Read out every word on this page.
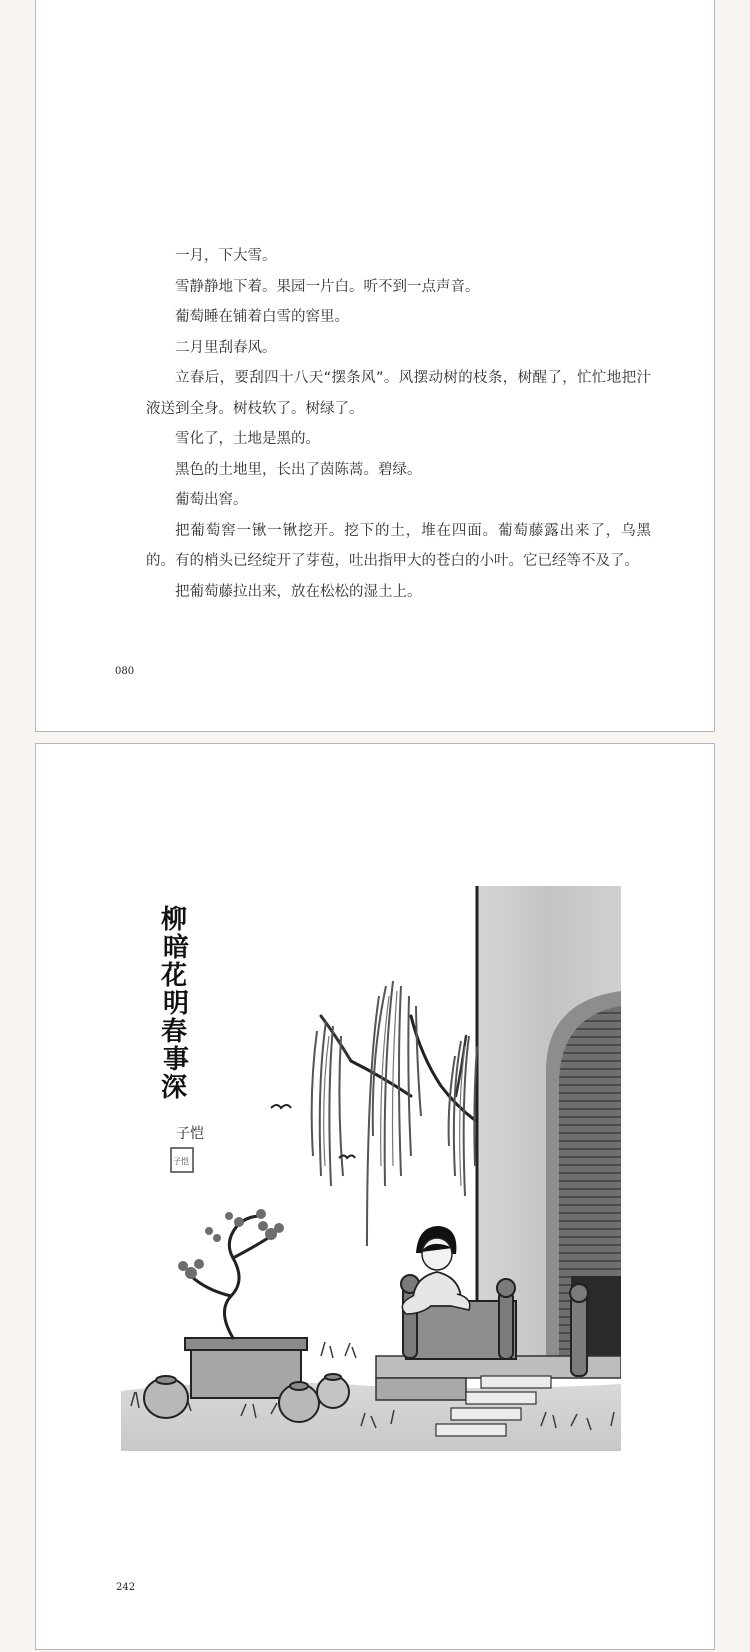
一月，下大雪。

雪静静地下着。果园一片白。听不到一点声音。

葡萄睡在铺着白雪的窖里。

二月里刮春风。

立春后，要刮四十八天“摆条风”。风摆动树的枝条，树醒了，忙忙地把汁液送到全身。树枝软了。树绿了。

雪化了，土地是黑的。

黑色的土地里，长出了茵陈蒿。碧绿。

葡萄出窖。

把葡萄窖一锹一锹挖开。挖下的土，堆在四面。葡萄藤露出来了，乌黑的。有的梢头已经绽开了芽苞，吐出指甲大的苍白的小叶。它已经等不及了。

把葡萄藤拉出来，放在松松的湿土上。

080
柳暗花明春事深
子恺
子恺
242
